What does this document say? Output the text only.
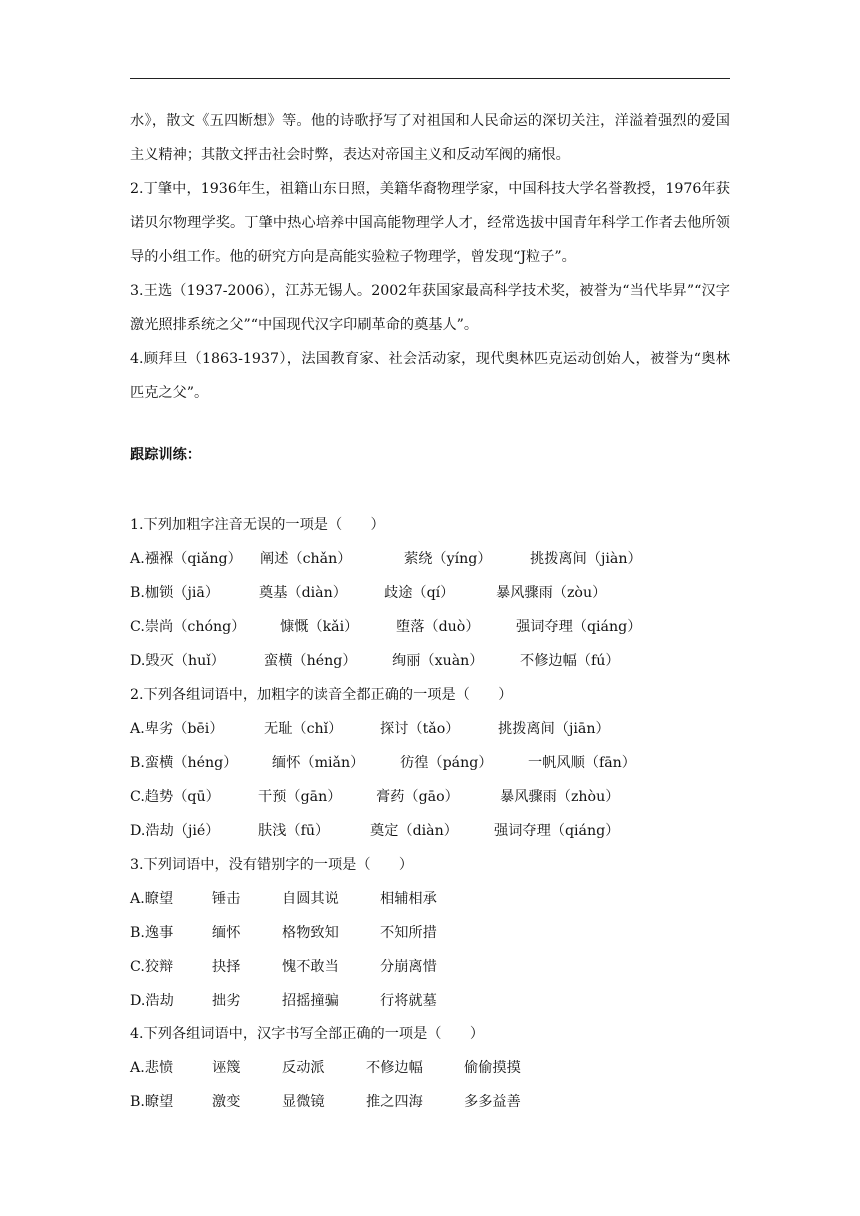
水》，散文《五四断想》等。他的诗歌抒写了对祖国和人民命运的深切关注，洋溢着强烈的爱国主义精神；其散文抨击社会时弊，表达对帝国主义和反动军阀的痛恨。

2.丁肇中，1936年生，祖籍山东日照，美籍华裔物理学家，中国科技大学名誉教授，1976年获诺贝尔物理学奖。丁肇中热心培养中国高能物理学人才，经常选拔中国青年科学工作者去他所领导的小组工作。他的研究方向是高能实验粒子物理学，曾发现“J粒子”。

3.王选（1937-2006），江苏无锡人。2002年获国家最高科学技术奖，被誉为“当代毕昇”“汉字激光照排系统之父”“中国现代汉字印刷革命的奠基人”。

4.顾拜旦（1863-1937），法国教育家、社会活动家，现代奥林匹克运动创始人，被誉为“奥林匹克之父”。

跟踪训练：

1.下列加粗字注音无误的一项是（　　）

A.襁褓（qiǎng） 阐述（chǎn）	萦绕（yíng）	挑拨离间（jiàn）
B.枷锁（jiā）	奠基（diàn）	歧途（qí）	暴风骤雨（zòu）
C.崇尚（chóng） 慷慨（kǎi）	堕落（duò）	强词夺理（qiáng）
D.毁灭（huǐ）	蛮横（héng） 绚丽（xuàn）	不修边幅（fú）

2.下列各组词语中，加粗字的读音全都正确的一项是（　　）

A.卑劣（bēi）	无耻（chǐ）	探讨（tǎo）	挑拨离间（jiān）
B.蛮横（héng） 缅怀（miǎn）	彷徨（páng） 一帆风顺（fān）
C.趋势（qū）	干预（gān） 膏药（gāo）	暴风骤雨（zhòu）
D.浩劫（jié）	肤浅（fū）	奠定（diàn）	强词夺理（qiáng）

3.下列词语中，没有错别字的一项是（　　）

A.瞭望	锤击	自圆其说	相辅相承
B.逸事	缅怀	格物致知	不知所措
C.狡辩	抉择	愧不敢当	分崩离惜
D.浩劫	拙劣	招摇撞骗	行将就墓

4.下列各组词语中，汉字书写全部正确的一项是（　　）

A.悲愤	诬篾	反动派	不修边幅	偷偷摸摸
B.瞭望	激变	显微镜	推之四海	多多益善
